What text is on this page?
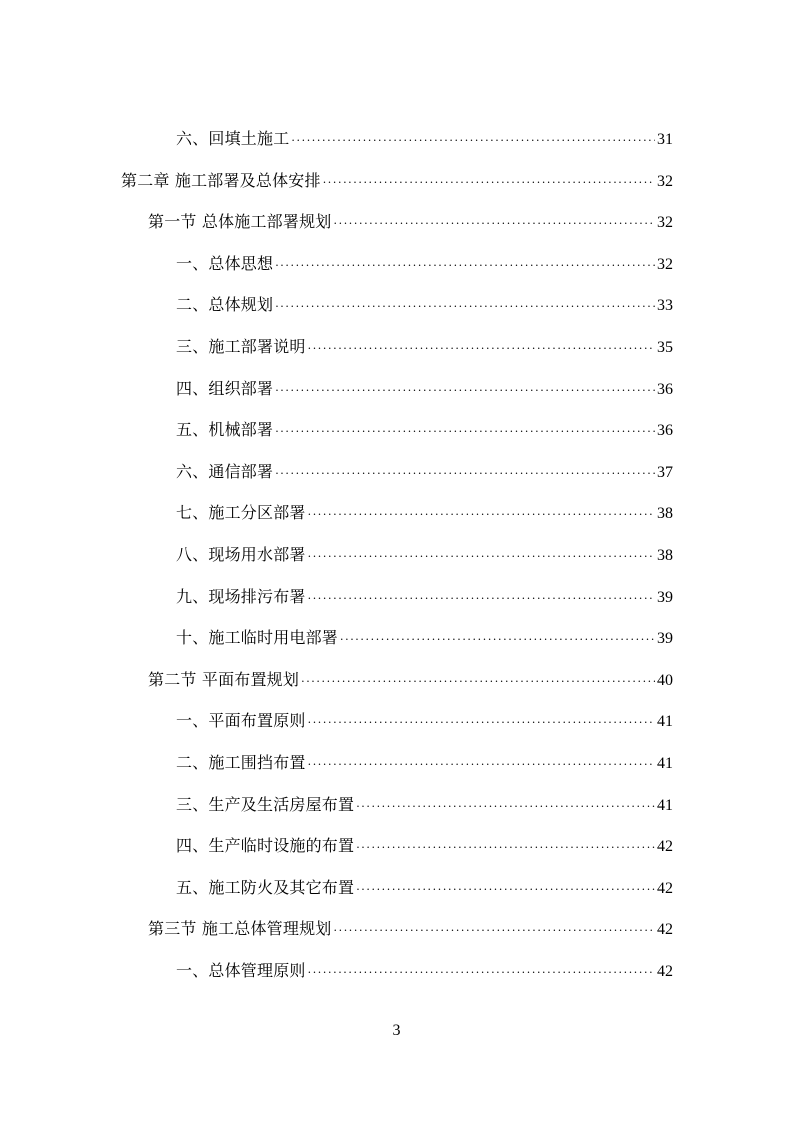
六、回填土施工 ·····	31
第二章 施工部署及总体安排 ·····	32
第一节 总体施工部署规划 ·····	32
一、总体思想 ·····	32
二、总体规划 ·····	33
三、施工部署说明 ·····	35
四、组织部署 ·····	36
五、机械部署 ·····	36
六、通信部署 ·····	37
七、施工分区部署 ·····	38
八、现场用水部署 ·····	38
九、现场排污布署 ·····	39
十、施工临时用电部署 ·····	39
第二节 平面布置规划 ·····	40
一、平面布置原则 ·····	41
二、施工围挡布置 ·····	41
三、生产及生活房屋布置 ·····	41
四、生产临时设施的布置 ·····	42
五、施工防火及其它布置 ·····	42
第三节 施工总体管理规划 ·····	42
一、总体管理原则 ·····	42
3
